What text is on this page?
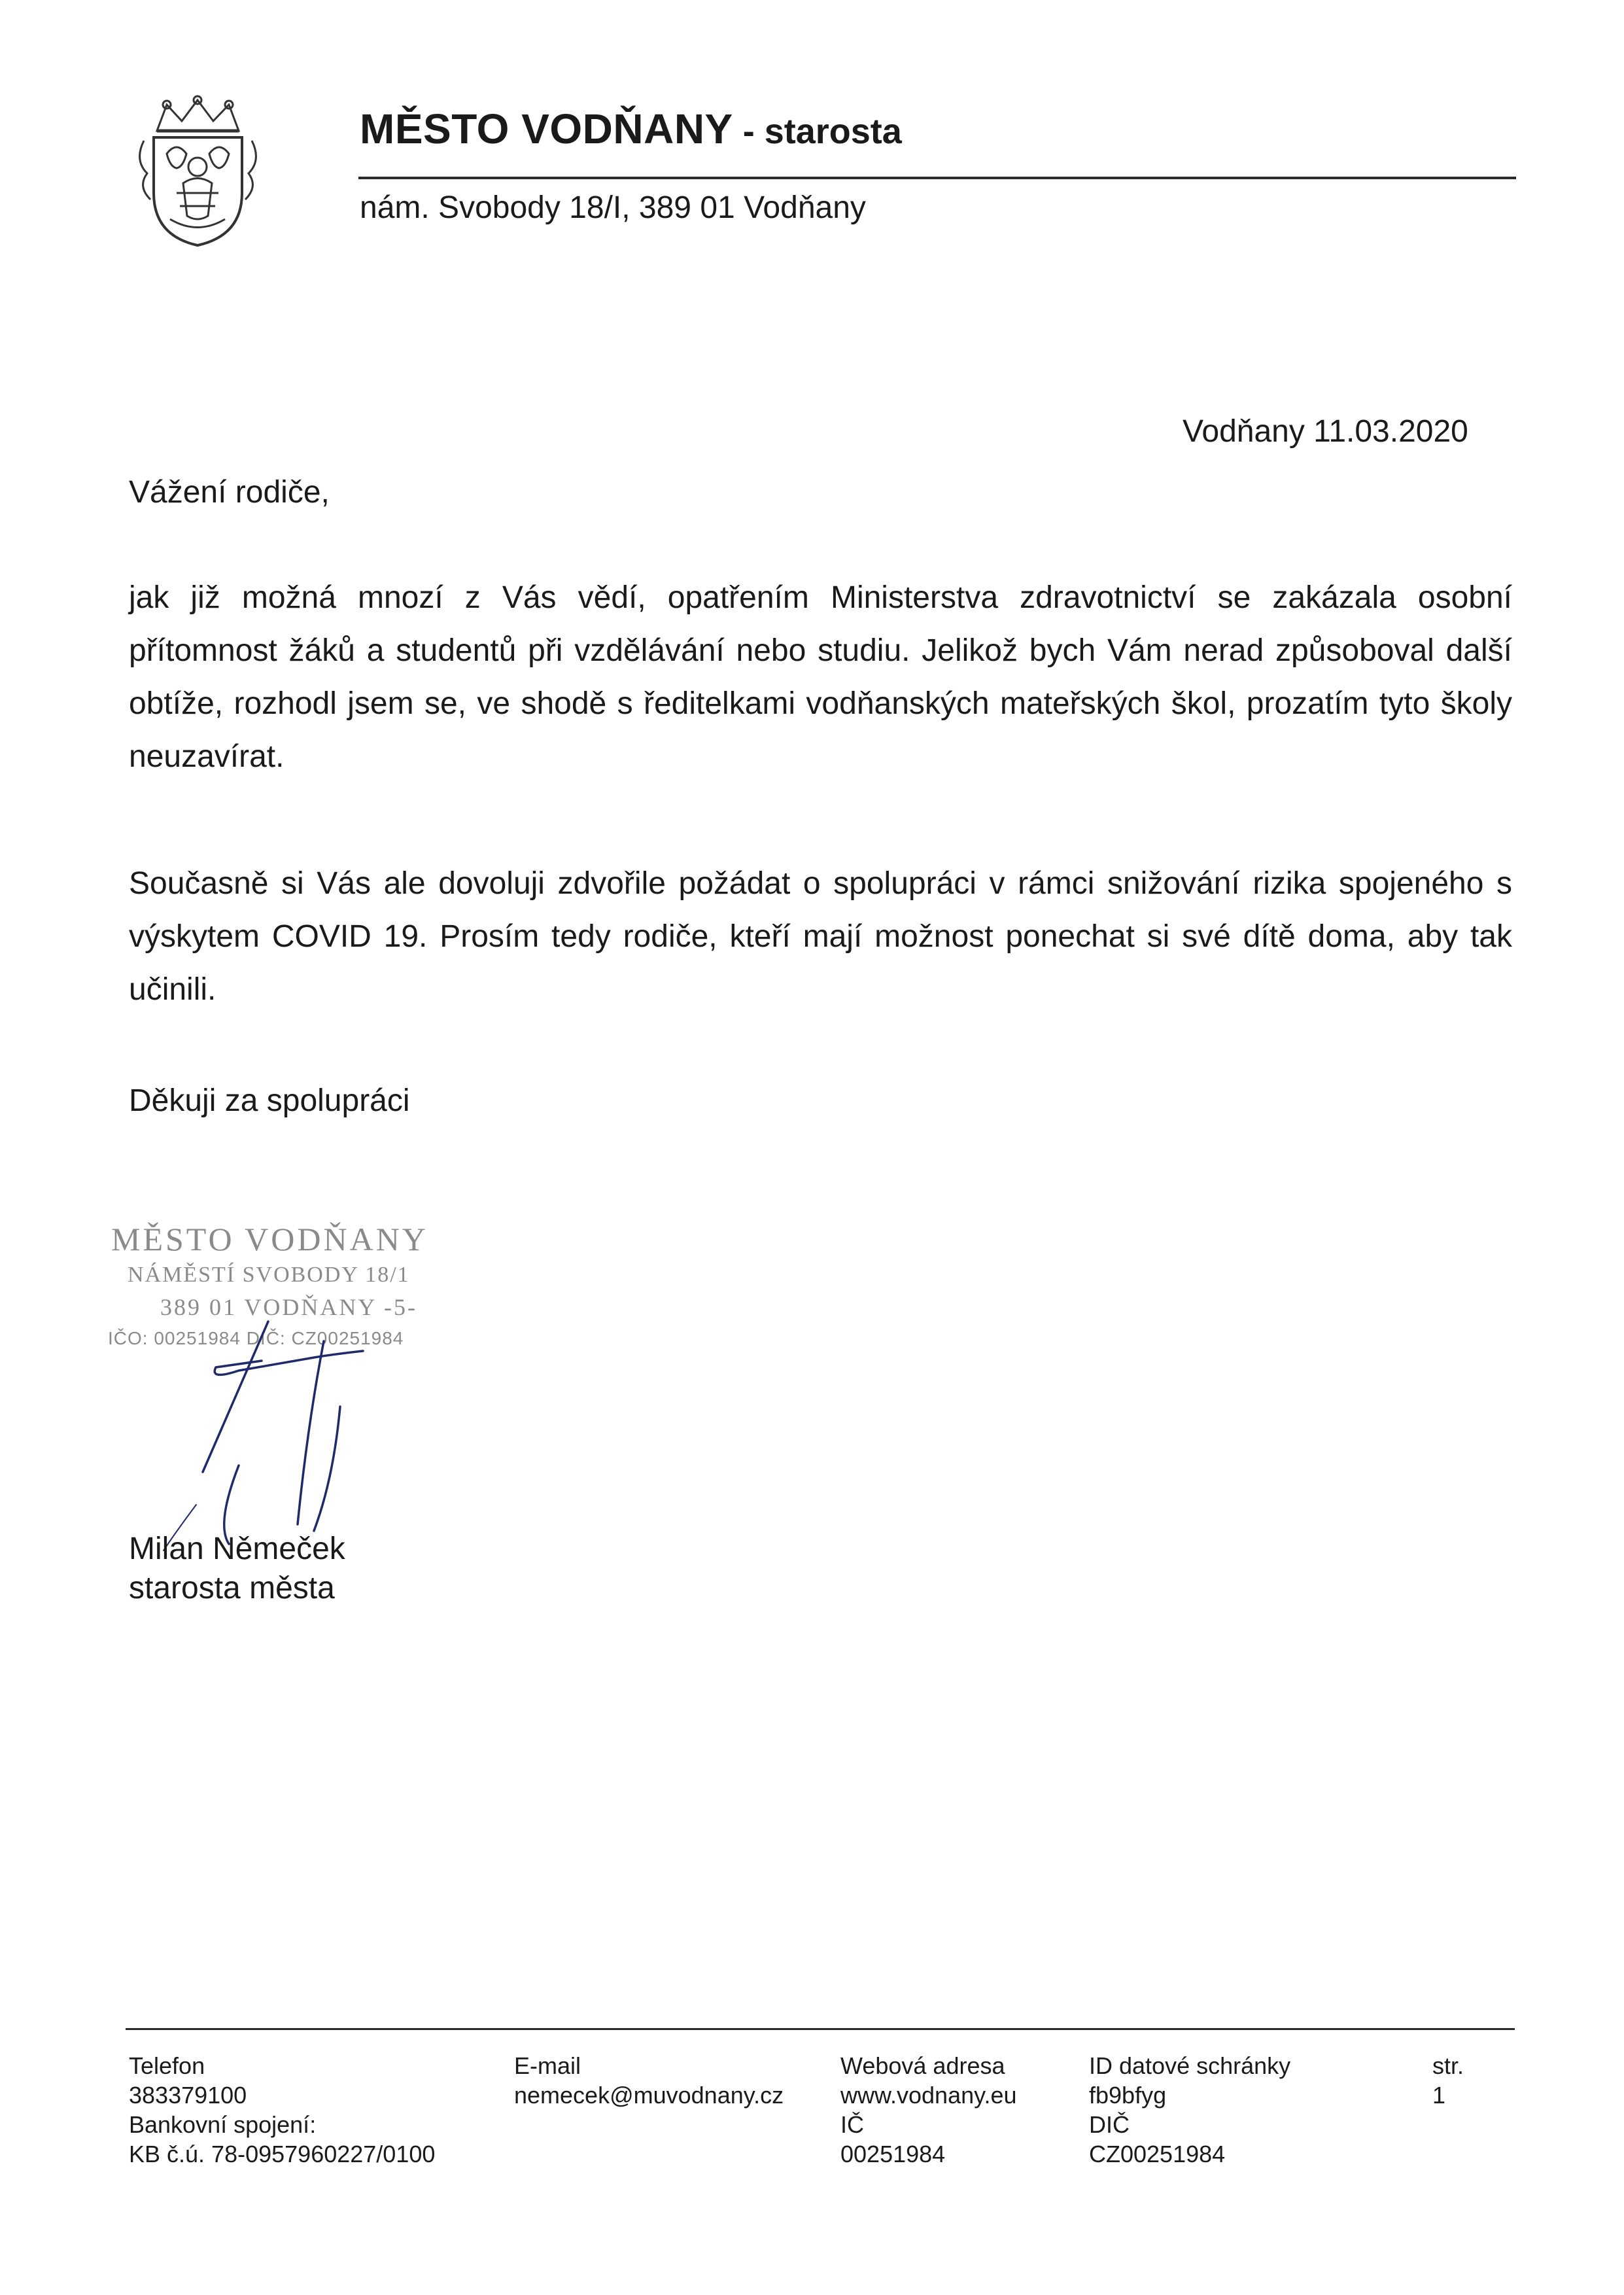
MĚSTO VODŇANY - starosta
nám. Svobody 18/I, 389 01 Vodňany
Vodňany 11.03.2020
Vážení rodiče,

jak již možná mnozí z Vás vědí, opatřením Ministerstva zdravotnictví se zakázala osobní přítomnost žáků a studentů při vzdělávání nebo studiu. Jelikož bych Vám nerad způsoboval další obtíže, rozhodl jsem se, ve shodě s ředitelkami vodňanských mateřských škol, prozatím tyto školy neuzavírat.

Současně si Vás ale dovoluji zdvořile požádat o spolupráci v rámci snižování rizika spojeného s výskytem COVID 19. Prosím tedy rodiče, kteří mají možnost ponechat si své dítě doma, aby tak učinili.

Děkuji za spolupráci
MĚSTO VODŇANY
NÁMĚSTÍ SVOBODY 18/1
389 01 VODŇANY -5-
IČO: 00251984 DIČ: CZ00251984
Milan Němeček
starosta města
Telefon
383379100
Bankovní spojení:
KB č.ú. 78-0957960227/0100
E-mail
nemecek@muvodnany.cz
Webová adresa
www.vodnany.eu
IČ
00251984
ID datové schránky
fb9bfyg
DIČ
CZ00251984
str.
1
